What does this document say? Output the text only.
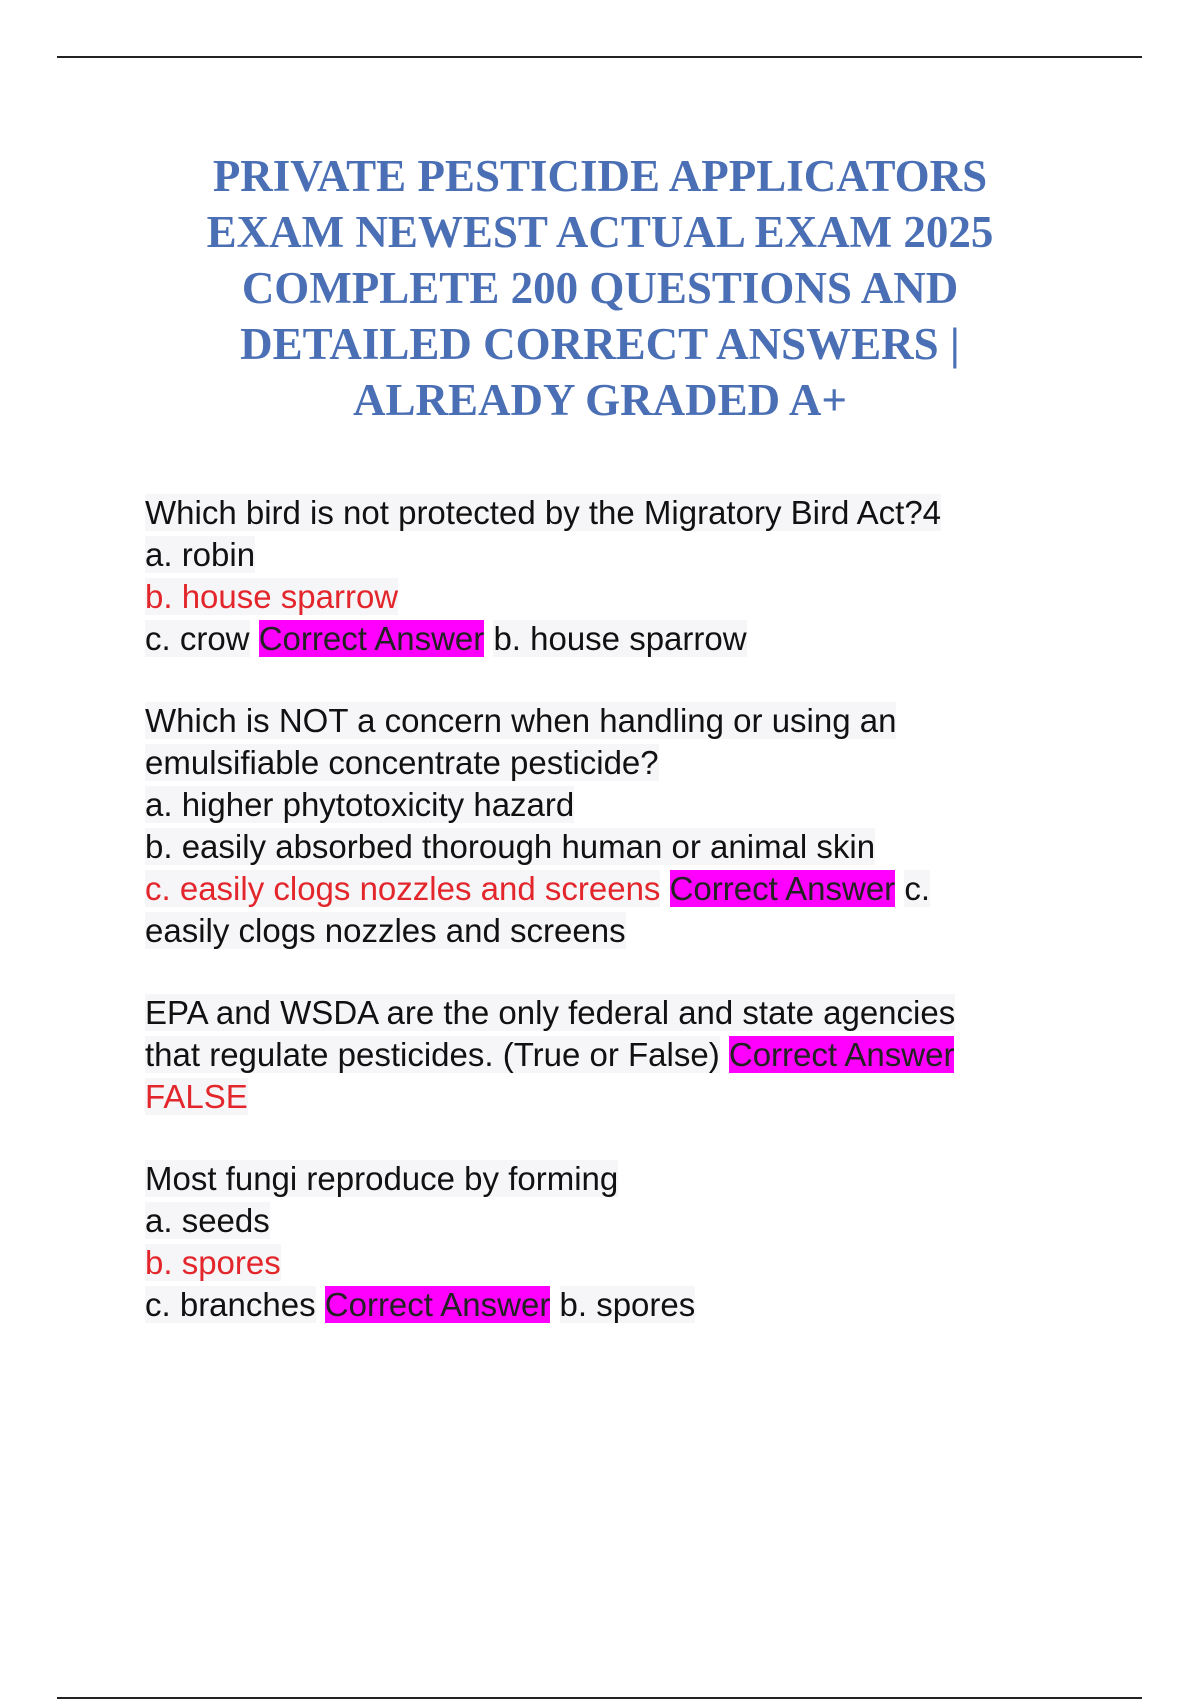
PRIVATE PESTICIDE APPLICATORS
EXAM NEWEST ACTUAL EXAM 2025
COMPLETE 200 QUESTIONS AND
DETAILED CORRECT ANSWERS |
ALREADY GRADED A+
Which bird is not protected by the Migratory Bird Act?4
a. robin
b. house sparrow
c. crow Correct Answer b. house sparrow
Which is NOT a concern when handling or using an
emulsifiable concentrate pesticide?
a. higher phytotoxicity hazard
b. easily absorbed thorough human or animal skin
c. easily clogs nozzles and screens Correct Answer c.
easily clogs nozzles and screens
EPA and WSDA are the only federal and state agencies
that regulate pesticides. (True or False) Correct Answer
FALSE
Most fungi reproduce by forming
a. seeds
b. spores
c. branches Correct Answer b. spores
